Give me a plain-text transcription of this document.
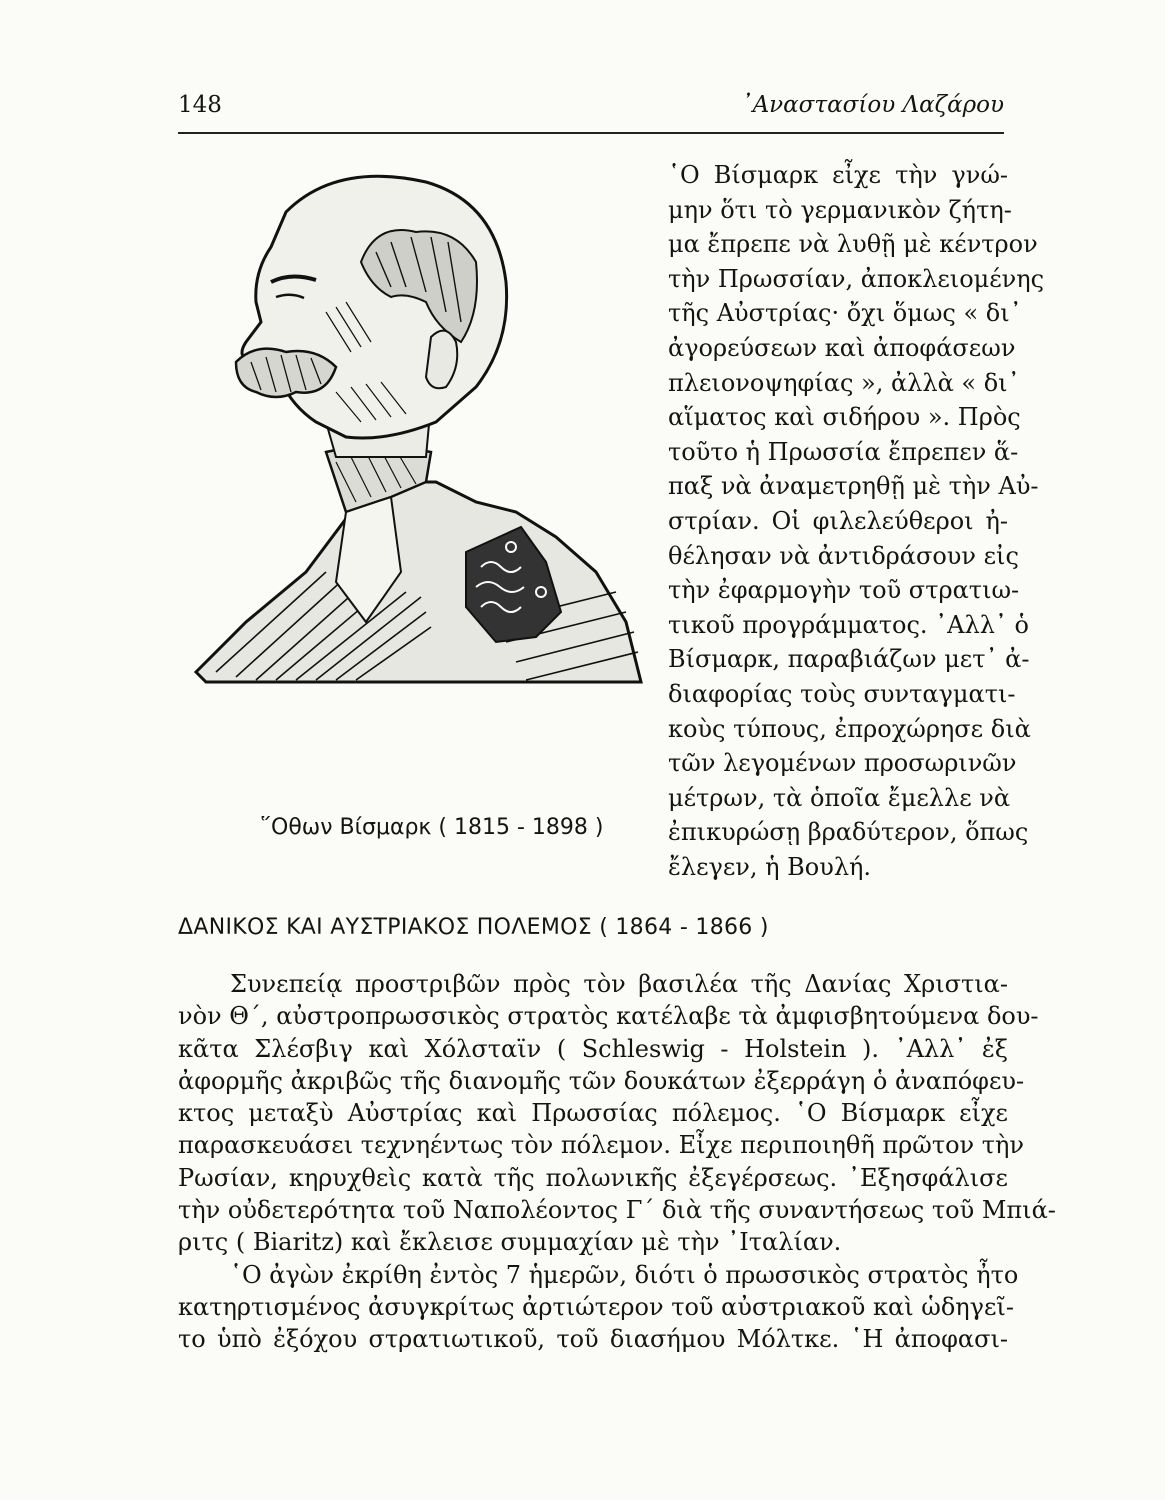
148	᾿Αναστασίου Λαζάρου
῞Οθων Βίσμαρκ ( 1815 - 1898 )
῾Ο Βίσμαρκ εἶχε τὴν γνώ-
μην ὅτι τὸ γερμανικὸν ζήτη-
μα ἔπρεπε νὰ λυθῇ μὲ κέντρον
τὴν Πρωσσίαν, ἀποκλειομένης
τῆς Αὐστρίας· ὄχι ὅμως « δι᾿
ἀγορεύσεων καὶ ἀποφάσεων
πλειονοψηφίας », ἀλλὰ « δι᾿
αἵματος καὶ σιδήρου ». Πρὸς
τοῦτο ἡ Πρωσσία ἔπρεπεν ἅ-
παξ νὰ ἀναμετρηθῇ μὲ τὴν Αὐ-
στρίαν. Οἱ φιλελεύθεροι ἠ-
θέλησαν νὰ ἀντιδράσουν εἰς
τὴν ἐφαρμογὴν τοῦ στρατιω-
τικοῦ προγράμματος. ᾿Αλλ᾿ ὁ
Βίσμαρκ, παραβιάζων μετ᾿ ἀ-
διαφορίας τοὺς συνταγματι-
κοὺς τύπους, ἐπροχώρησε διὰ
τῶν λεγομένων προσωρινῶν
μέτρων, τὰ ὁποῖα ἔμελλε νὰ
ἐπικυρώσῃ βραδύτερον, ὅπως
ἔλεγεν, ἡ Βουλή.
ΔΑΝΙΚΟΣ ΚΑΙ ΑΥΣΤΡΙΑΚΟΣ ΠΟΛΕΜΟΣ ( 1864 - 1866 )
Συνεπείᾳ προστριβῶν πρὸς τὸν βασιλέα τῆς Δανίας Χριστια-
νὸν Θ΄, αὐστροπρωσσικὸς στρατὸς κατέλαβε τὰ ἀμφισβητούμενα δου-
κᾶτα Σλέσβιγ καὶ Χόλσταϊν ( Schleswig - Holstein ). ᾿Αλλ᾿ ἐξ
ἀφορμῆς ἀκριβῶς τῆς διανομῆς τῶν δουκάτων ἐξερράγη ὁ ἀναπόφευ-
κτος μεταξὺ Αὐστρίας καὶ Πρωσσίας πόλεμος. ῾Ο Βίσμαρκ εἶχε
παρασκευάσει τεχνηέντως τὸν πόλεμον. Εἶχε περιποιηθῆ πρῶτον τὴν
Ρωσίαν, κηρυχθεὶς κατὰ τῆς πολωνικῆς ἐξεγέρσεως. ᾿Εξησφάλισε
τὴν οὐδετερότητα τοῦ Ναπολέοντος Γ΄ διὰ τῆς συναντήσεως τοῦ Μπιά-
ριτς ( Biaritz) καὶ ἔκλεισε συμμαχίαν μὲ τὴν ᾿Ιταλίαν.
῾Ο ἀγὼν ἐκρίθη ἐντὸς 7 ἡμερῶν, διότι ὁ πρωσσικὸς στρατὸς ἦτο
κατηρτισμένος ἀσυγκρίτως ἀρτιώτερον τοῦ αὐστριακοῦ καὶ ὡδηγεῖ-
το ὑπὸ ἐξόχου στρατιωτικοῦ, τοῦ διασήμου Μόλτκε. ῾Η ἀποφασι-
